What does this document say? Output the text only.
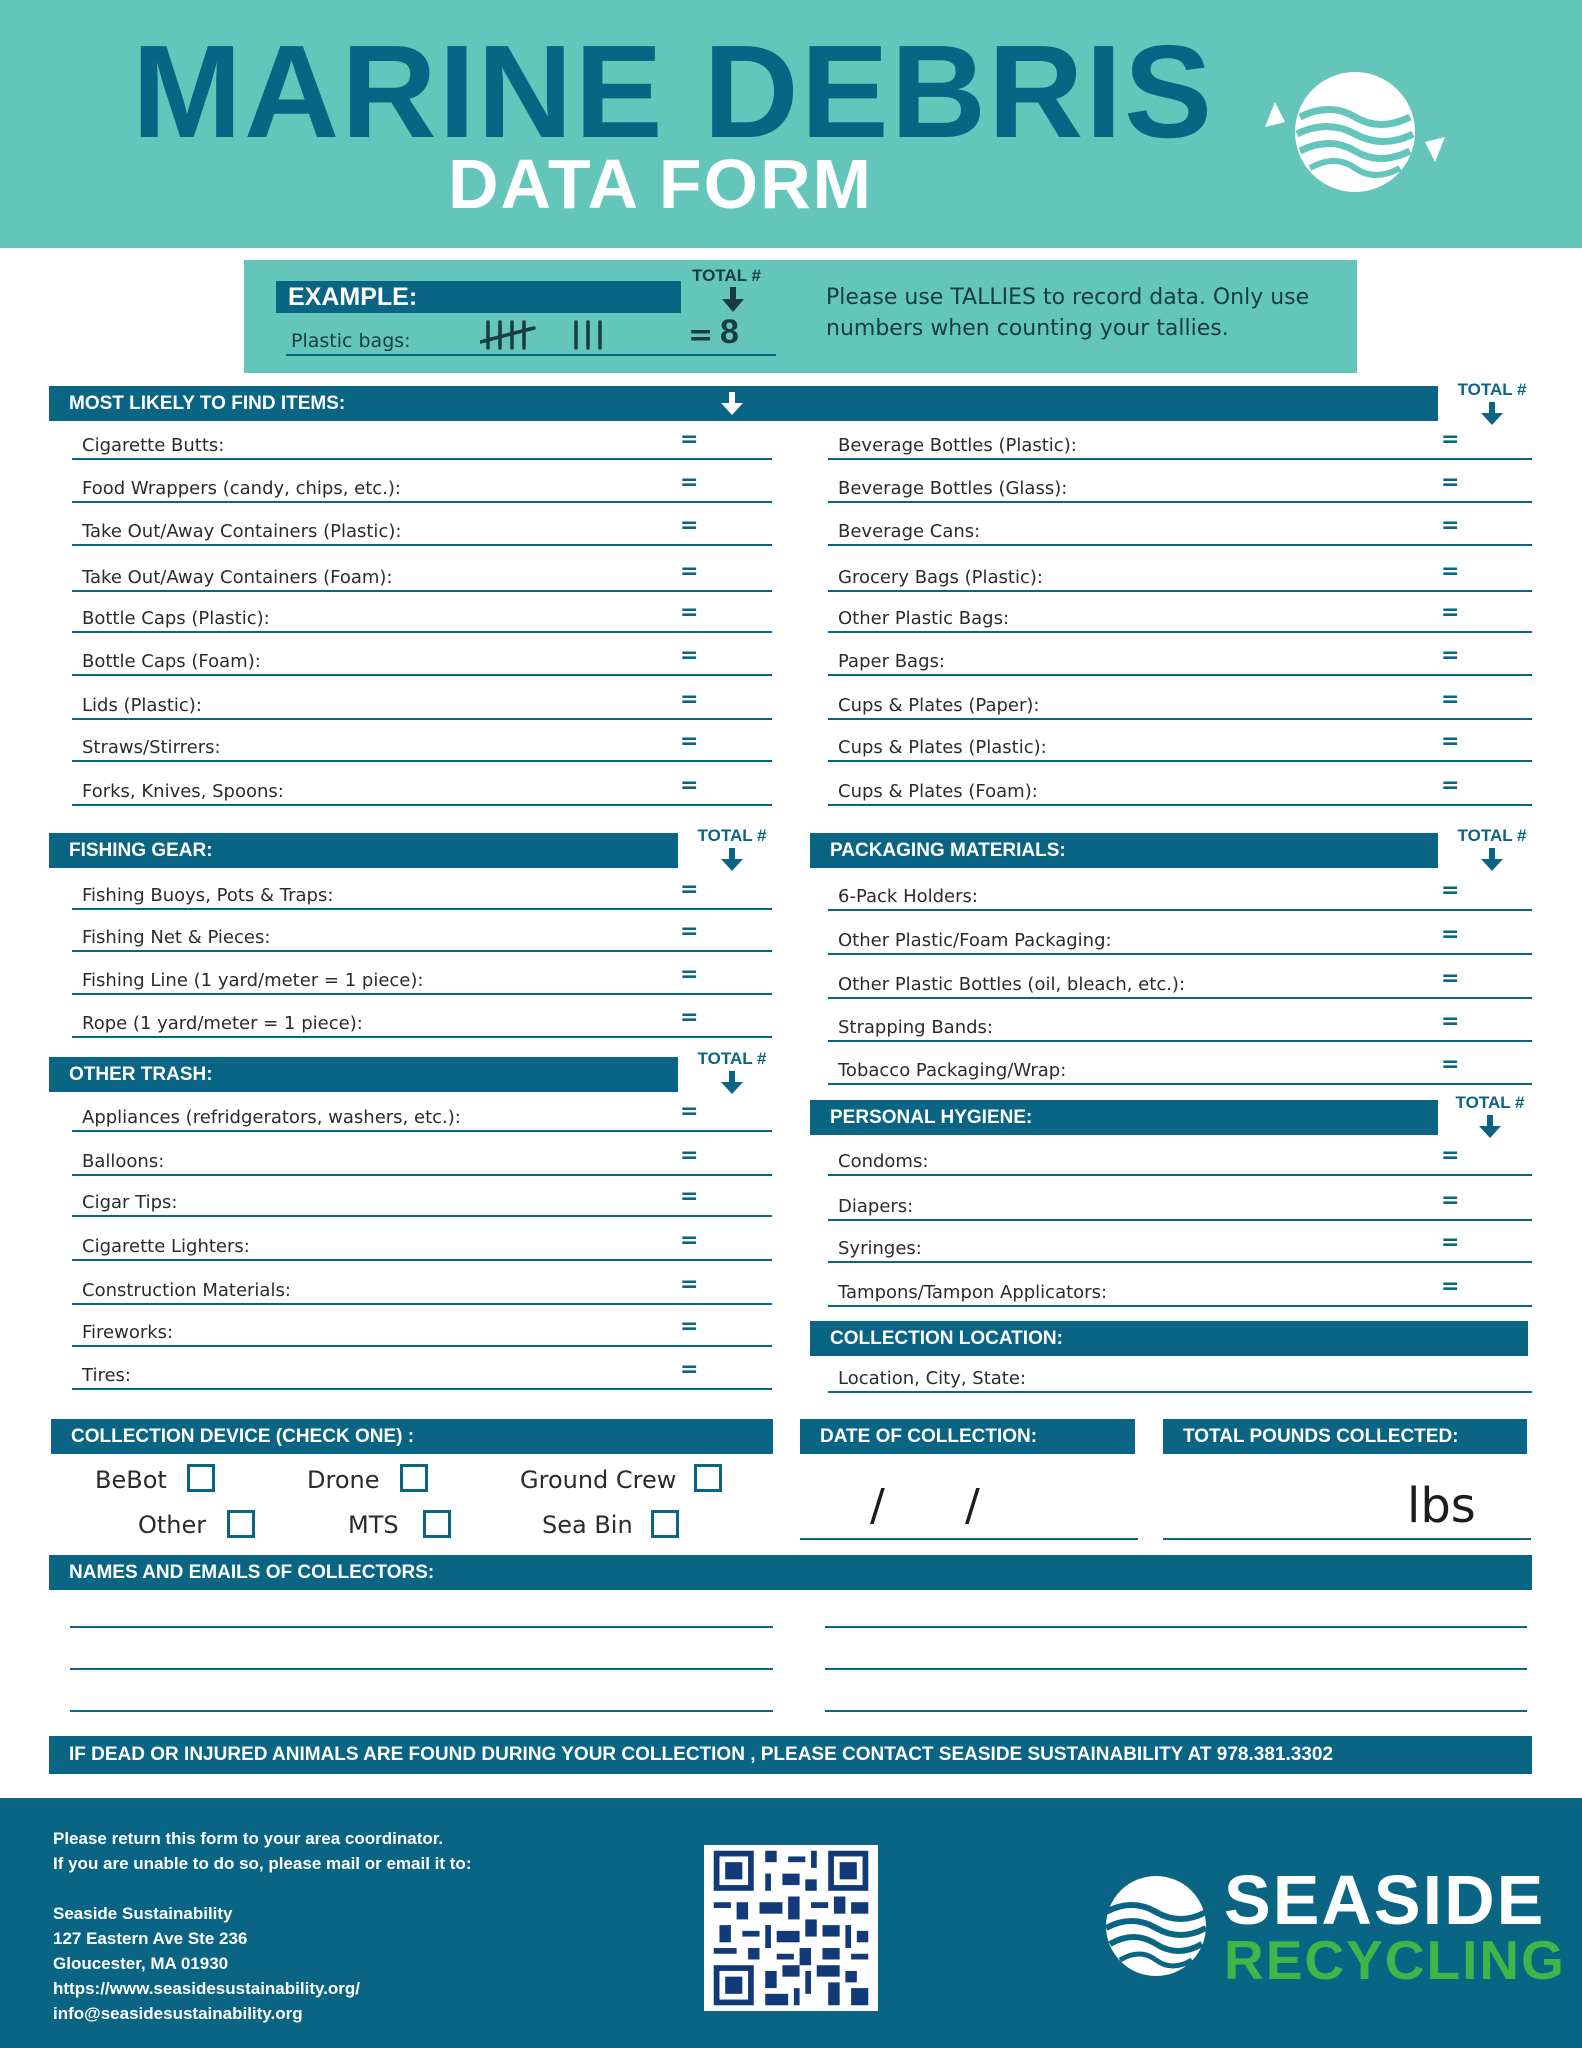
MARINE DEBRIS
DATA FORM
EXAMPLE:
Plastic bags:
TOTAL #
= 8
Please use TALLIES to record data. Only use numbers when counting your tallies.
MOST LIKELY TO FIND ITEMS:
TOTAL #
FISHING GEAR:
TOTAL #
PACKAGING MATERIALS:
TOTAL #
OTHER TRASH:
TOTAL #
PERSONAL HYGIENE:
TOTAL #
COLLECTION LOCATION:
Location, City, State:
COLLECTION DEVICE (CHECK ONE) :
BeBot	Drone	Ground Crew
Other	MTS	Sea Bin
DATE OF COLLECTION:
/ /
TOTAL POUNDS COLLECTED:
lbs
NAMES AND EMAILS OF COLLECTORS:
IF DEAD OR INJURED ANIMALS ARE FOUND DURING YOUR COLLECTION , PLEASE CONTACT SEASIDE SUSTAINABILITY AT 978.381.3302
Please return this form to your area coordinator.
If you are unable to do so, please mail or email it to:
Seaside Sustainability
127 Eastern Ave Ste 236
Gloucester, MA 01930
https://www.seasidesustainability.org/
info@seasidesustainability.org
SEASIDE
RECYCLING
Cigarette Butts:	=
Food Wrappers (candy, chips, etc.):	=
Take Out/Away Containers (Plastic):	=
Take Out/Away Containers (Foam):	=
Bottle Caps (Plastic):	=
Bottle Caps (Foam):	=
Lids (Plastic):	=
Straws/Stirrers:	=
Forks, Knives, Spoons:	=
Beverage Bottles (Plastic):	=
Beverage Bottles (Glass):	=
Beverage Cans:	=
Grocery Bags (Plastic):	=
Other Plastic Bags:	=
Paper Bags:	=
Cups & Plates (Paper):	=
Cups & Plates (Plastic):	=
Cups & Plates (Foam):	=
Fishing Buoys, Pots & Traps:	=
Fishing Net & Pieces:	=
Fishing Line (1 yard/meter = 1 piece):	=
Rope (1 yard/meter = 1 piece):	=
6-Pack Holders:	=
Other Plastic/Foam Packaging:	=
Other Plastic Bottles (oil, bleach, etc.):	=
Strapping Bands:	=
Tobacco Packaging/Wrap:	=
Appliances (refridgerators, washers, etc.):	=
Balloons:	=
Cigar Tips:	=
Cigarette Lighters:	=
Construction Materials:	=
Fireworks:	=
Tires:	=
Condoms:	=
Diapers:	=
Syringes:	=
Tampons/Tampon Applicators:	=
